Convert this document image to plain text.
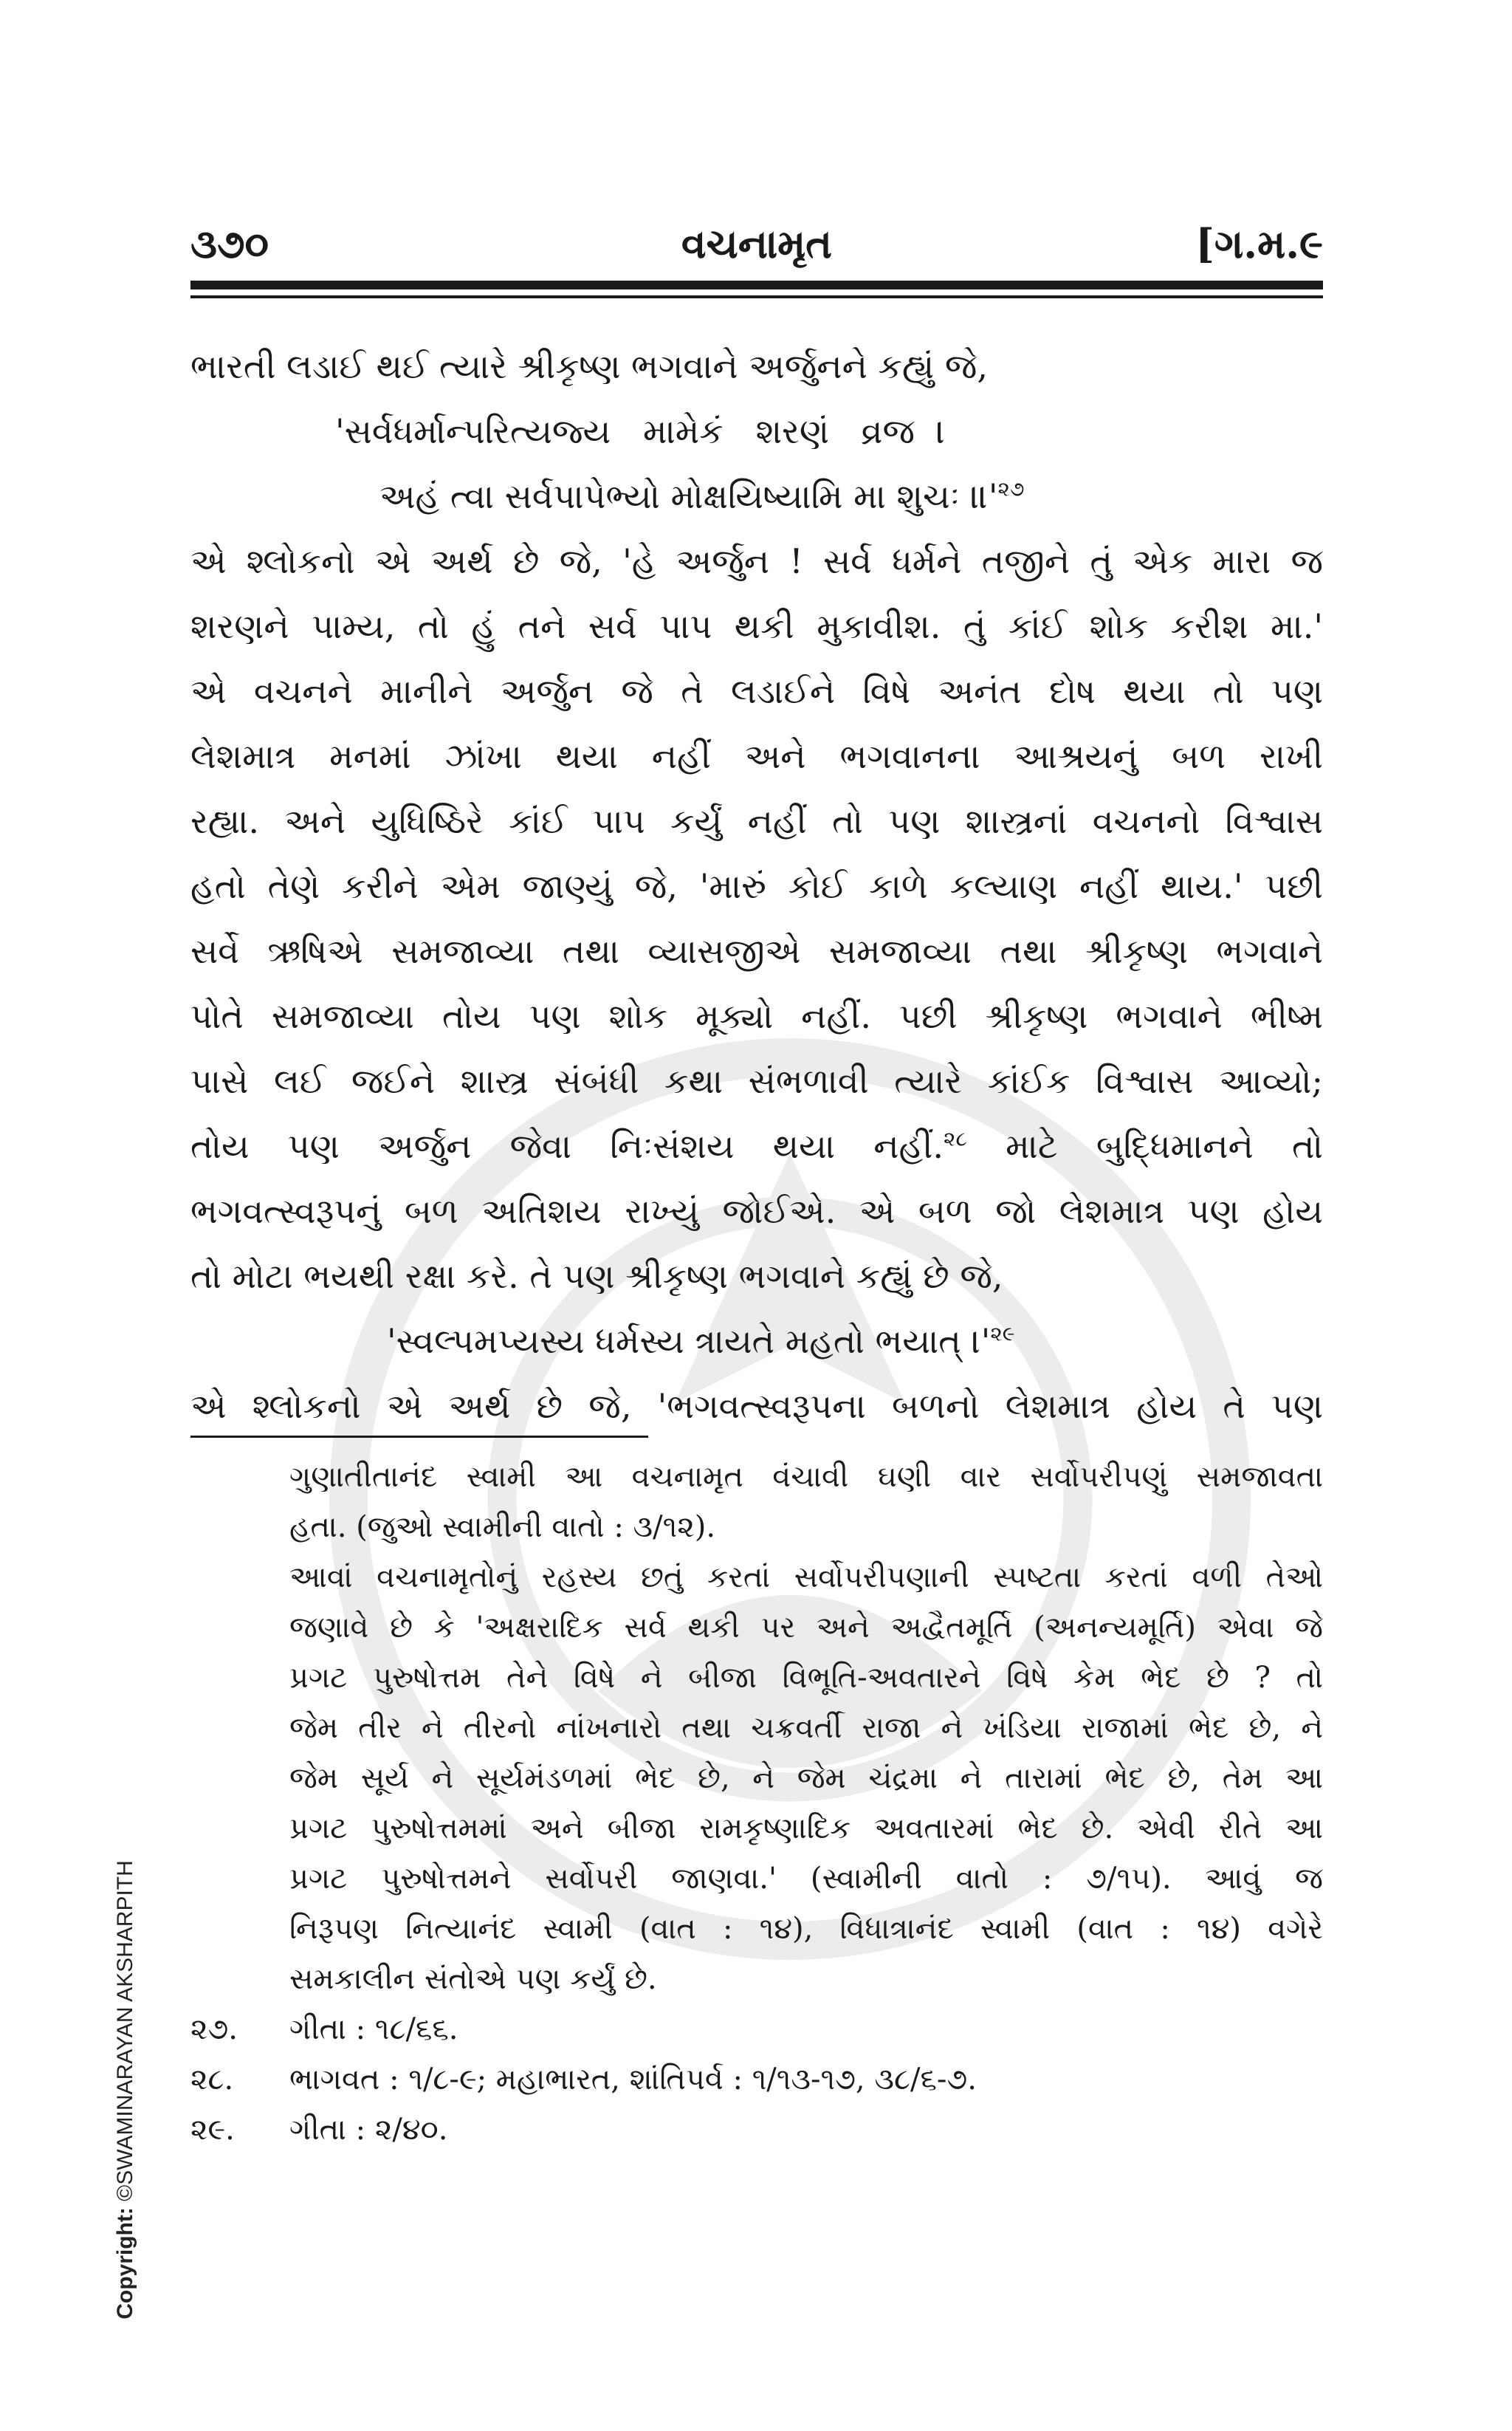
વચનામૃત
૩૭૦	[ગ.મ.૯
ભારતી લડાઈ થઈ ત્યારે શ્રીકૃષ્ણ ભગવાને અર્જુનને કહ્યું જે,
'સર્વધર્માન્પરિત્યજ્ય   મામેકં   શરણં   વ્રજ  ।
અહં ત્વા સર્વપાપેભ્યો મોક્ષયિષ્યામિ મા શુચઃ $॥'^{૨૭}$
એ શ્લોકનો એ અર્થ છે જે, 'હે અર્જુન ! સર્વ ધર્મને તજીને તું એક મારા જ
શરણને પામ્ય, તો હું તને સર્વ પાપ થકી મુકાવીશ. તું કાંઈ શોક કરીશ મા.'
એ વચનને માનીને અર્જુન જે તે લડાઈને વિષે અનંત દોષ થયા તો પણ
લેશમાત્ર મનમાં ઝાંખા થયા નહીં અને ભગવાનના આશ્રયનું બળ રાખી
રહ્યા. અને યુધિષ્ઠિરે કાંઈ પાપ કર્યું નહીં તો પણ શાસ્ત્રનાં વચનનો વિશ્વાસ
હતો તેણે કરીને એમ જાણ્યું જે, 'મારું કોઈ કાળે કલ્યાણ નહીં થાય.' પછી
સર્વે ઋષિએ સમજાવ્યા તથા વ્યાસજીએ સમજાવ્યા તથા શ્રીકૃષ્ણ ભગવાને
પોતે સમજાવ્યા તોય પણ શોક મૂક્યો નહીં. પછી શ્રીકૃષ્ણ ભગવાને ભીષ્મ
પાસે લઈ જઈને શાસ્ત્ર સંબંધી કથા સંભળાવી ત્યારે કાંઈક વિશ્વાસ આવ્યો;
તોય પણ અર્જુન જેવા નિઃસંશય થયા નહીં.$^{૨૮}$ માટે બુદ્ધિમાનને તો
ભગવત્સ્વરૂપનું બળ અતિશય રાખ્યું જોઈએ. એ બળ જો લેશમાત્ર પણ હોય
તો મોટા ભયથી રક્ષા કરે. તે પણ શ્રીકૃષ્ણ ભગવાને કહ્યું છે જે,
'સ્વલ્પમપ્યસ્ય ધર્મસ્ય ત્રાયતે મહતો ભયાત્ $।'^{૨૯}$
એ શ્લોકનો એ અર્થ છે જે, 'ભગવત્સ્વરૂપના બળનો લેશમાત્ર હોય તે પણ
ગુણાતીતાનંદ સ્વામી આ વચનામૃત વંચાવી ઘણી વાર સર્વોપરીપણું સમજાવતા
હતા. (જુઓ સ્વામીની વાતો : ૩/૧૨).
આવાં વચનામૃતોનું રહસ્ય છતું કરતાં સર્વોપરીપણાની સ્પષ્ટતા કરતાં વળી તેઓ
જણાવે છે કે 'અક્ષરાદિક સર્વ થકી પર અને અદ્વૈતમૂર્તિ (અનન્યમૂર્તિ) એવા જે
પ્રગટ પુરુષોત્તમ તેને વિષે ને બીજા વિભૂતિ-અવતારને વિષે કેમ ભેદ છે ? તો
જેમ તીર ને તીરનો નાંખનારો તથા ચક્રવર્તી રાજા ને ખંડિયા રાજામાં ભેદ છે, ને
જેમ સૂર્ય ને સૂર્યમંડળમાં ભેદ છે, ને જેમ ચંદ્રમા ને તારામાં ભેદ છે, તેમ આ
પ્રગટ પુરુષોત્તમમાં અને બીજા રામકૃષ્ણાદિક અવતારમાં ભેદ છે. એવી રીતે આ
પ્રગટ પુરુષોત્તમને સર્વોપરી જાણવા.' (સ્વામીની વાતો : ૭/૧૫). આવું જ
નિરૂપણ નિત્યાનંદ સ્વામી (વાત : ૧૪), વિધાત્રાનંદ સ્વામી (વાત : ૧૪) વગેરે
સમકાલીન સંતોએ પણ કર્યું છે.
૨૭.	ગીતા : ૧૮/૬૬.
૨૮.	ભાગવત : ૧/૮-૯; મહાભારત, શાંતિપર્વ : ૧/૧૩-૧૭, ૩૮/૬-૭.
૨૯.	ગીતા : ૨/૪૦.
Copyright: ©SWAMINARAYAN AKSHARPITH
